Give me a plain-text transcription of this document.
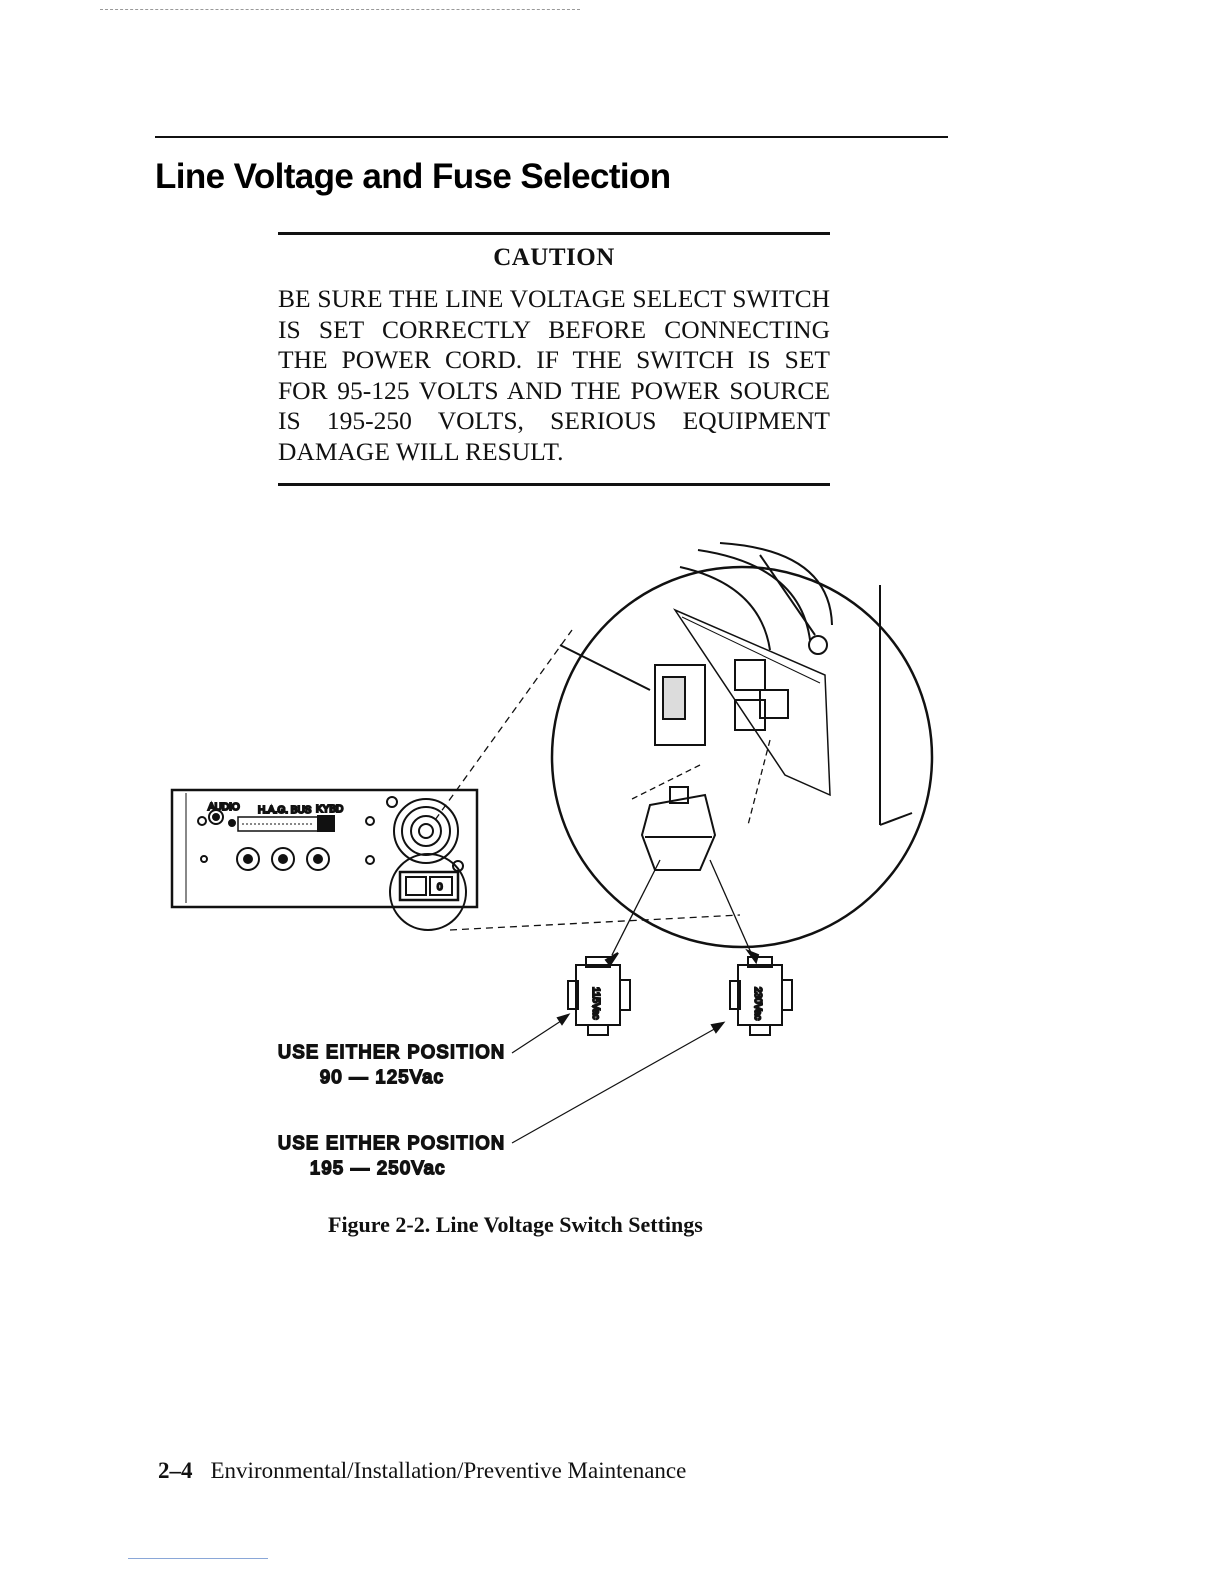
Line Voltage and Fuse Selection
CAUTION

BE SURE THE LINE VOLTAGE SELECT SWITCH IS SET CORRECTLY BEFORE CONNECTING THE POWER CORD. IF THE SWITCH IS SET FOR 95-125 VOLTS AND THE POWER SOURCE IS 195-250 VOLTS, SERIOUS EQUIPMENT DAMAGE WILL RESULT.

AUDIO H.A.G. BUS KYBD
0
115Vac	230Vac
USE EITHER POSITION
90 — 125Vac
USE EITHER POSITION
195 — 250Vac

Figure 2-2. Line Voltage Switch Settings

2–4 Environmental/Installation/Preventive Maintenance
